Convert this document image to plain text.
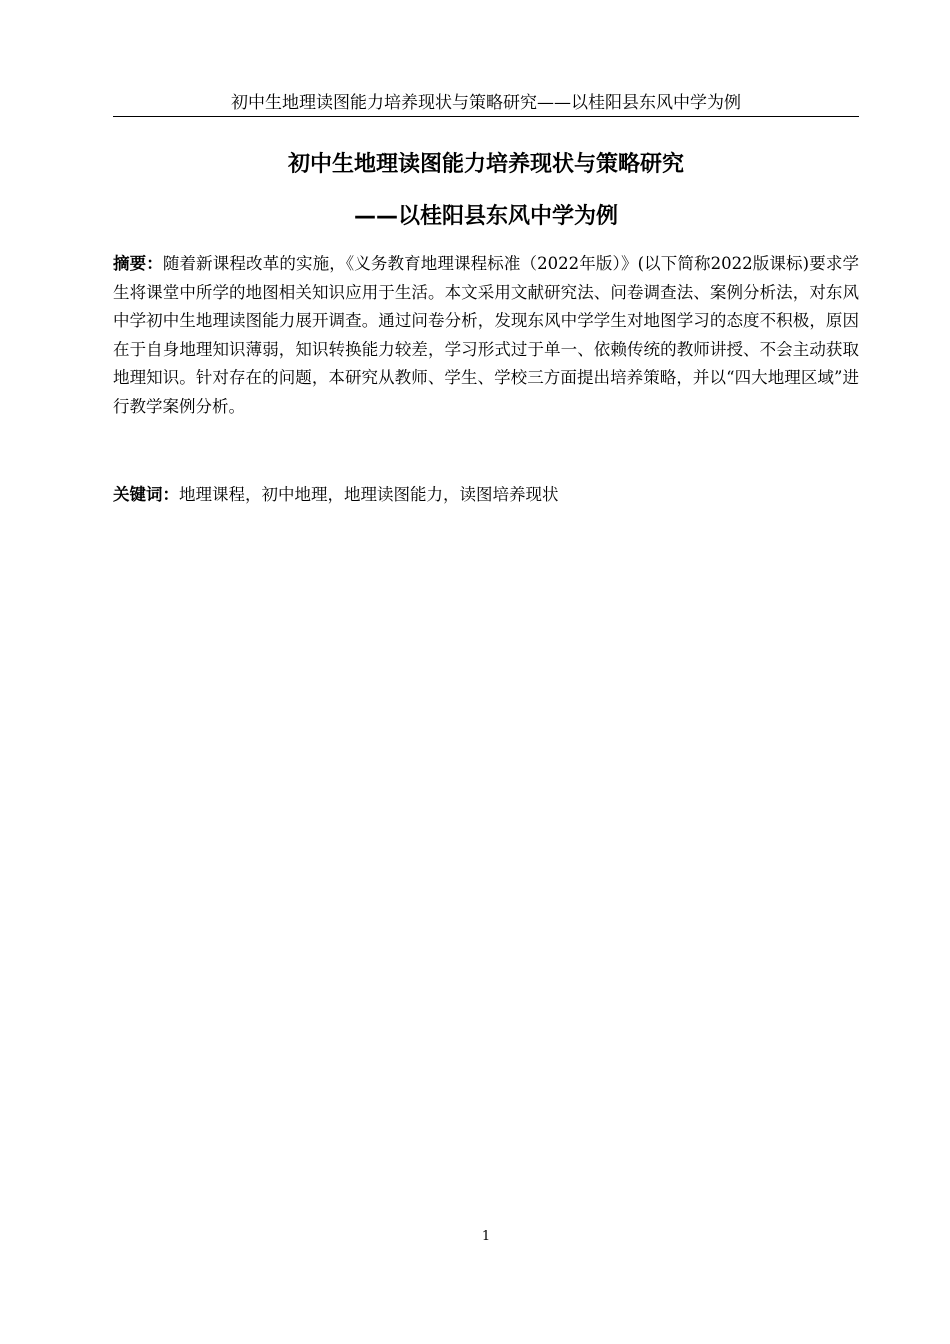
初中生地理读图能力培养现状与策略研究——以桂阳县东风中学为例
初中生地理读图能力培养现状与策略研究
——以桂阳县东风中学为例

摘要：随着新课程改革的实施，《义务教育地理课程标准（2022年版）》(以下简称2022版课标)要求学生将课堂中所学的地图相关知识应用于生活。本文采用文献研究法、问卷调查法、案例分析法，对东风中学初中生地理读图能力展开调查。通过问卷分析，发现东风中学学生对地图学习的态度不积极，原因在于自身地理知识薄弱，知识转换能力较差，学习形式过于单一、依赖传统的教师讲授、不会主动获取地理知识。针对存在的问题，本研究从教师、学生、学校三方面提出培养策略，并以“四大地理区域”进行教学案例分析。

关键词：地理课程，初中地理，地理读图能力，读图培养现状

1
